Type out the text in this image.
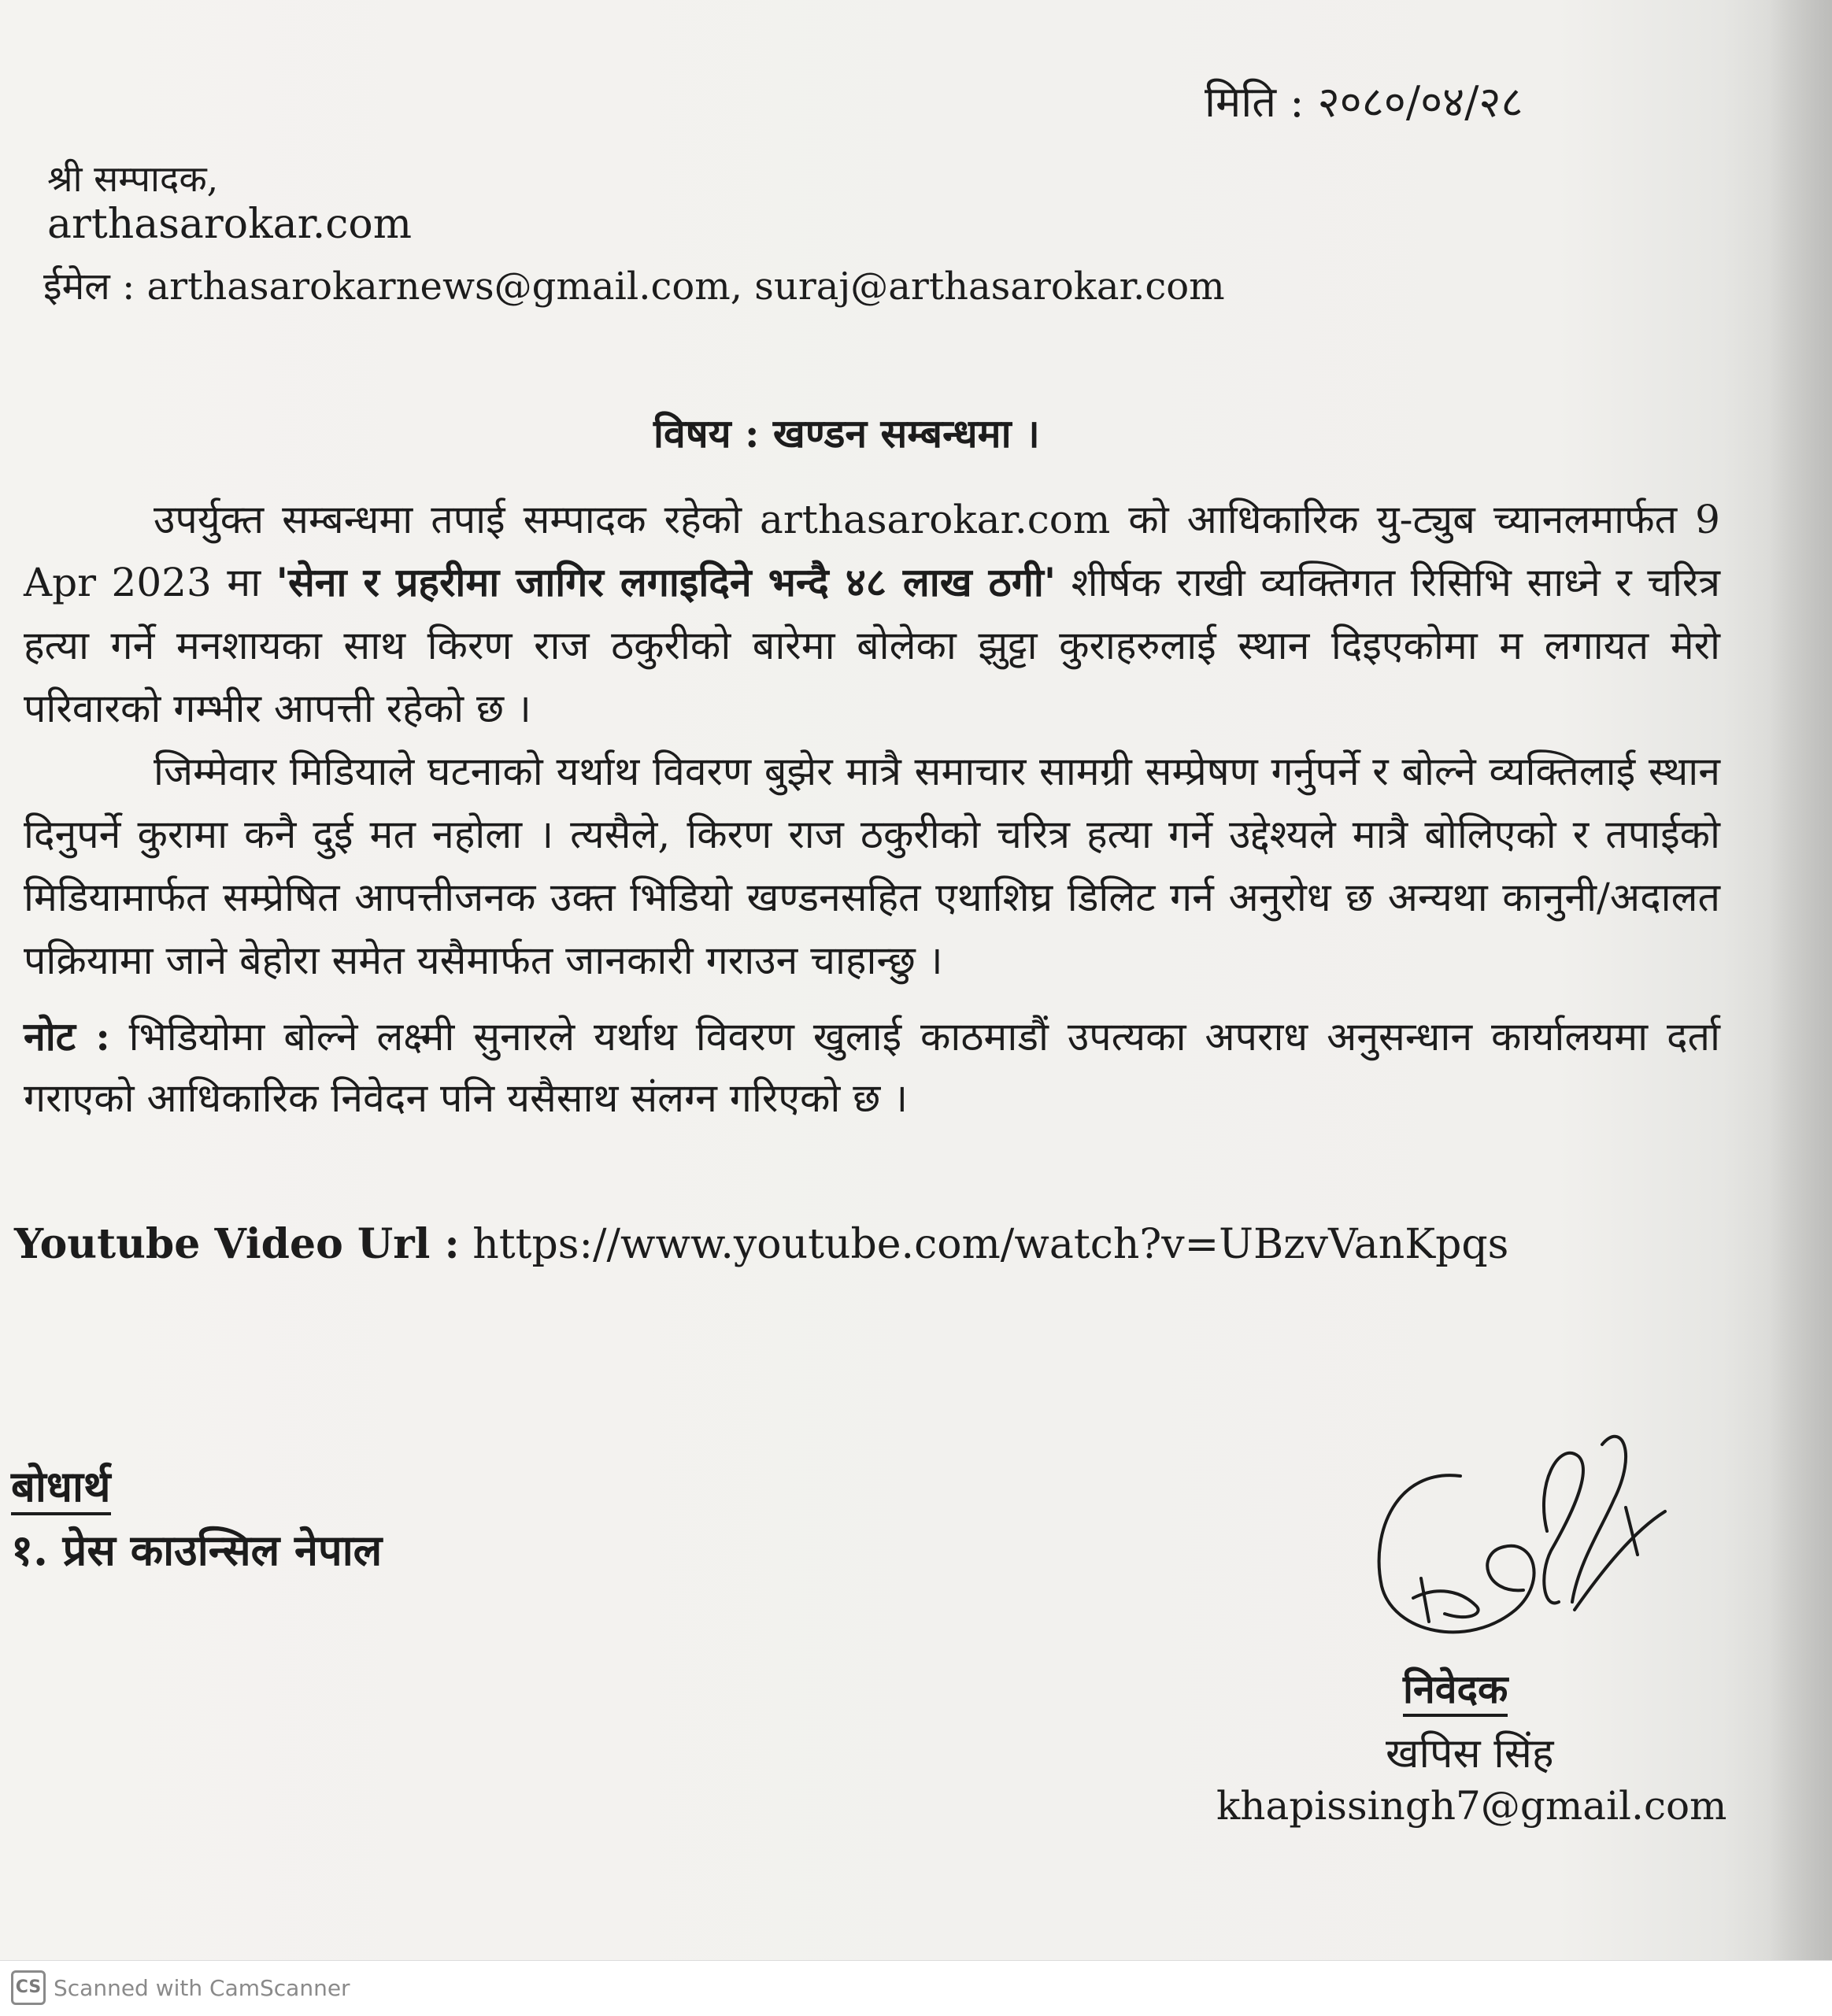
मिति : २०८०/०४/२८
श्री सम्पादक,
arthasarokar.com
ईमेल : arthasarokarnews@gmail.com, suraj@arthasarokar.com
विषय : खण्डन सम्बन्धमा ।

उपर्युक्त सम्बन्धमा तपाई सम्पादक रहेको arthasarokar.com को आधिकारिक यु-ट्युब च्यानलमार्फत 9 Apr 2023 मा 'सेना र प्रहरीमा जागिर लगाइदिने भन्दै ४८ लाख ठगी' शीर्षक राखी व्यक्तिगत रिसिभि साध्ने र चरित्र हत्या गर्ने मनशायका साथ किरण राज ठकुरीको बारेमा बोलेका झुट्टा कुराहरुलाई स्थान दिइएकोमा म लगायत मेरो परिवारको गम्भीर आपत्ती रहेको छ ।

जिम्मेवार मिडियाले घटनाको यर्थाथ विवरण बुझेर मात्रै समाचार सामग्री सम्प्रेषण गर्नुपर्ने र बोल्ने व्यक्तिलाई स्थान दिनुपर्ने कुरामा कनै दुई मत नहोला । त्यसैले, किरण राज ठकुरीको चरित्र हत्या गर्ने उद्देश्यले मात्रै बोलिएको र तपाईको मिडियामार्फत सम्प्रेषित आपत्तीजनक उक्त भिडियो खण्डनसहित एथाशिघ्र डिलिट गर्न अनुरोध छ अन्यथा कानुनी/अदालत पक्रियामा जाने बेहोरा समेत यसैमार्फत जानकारी गराउन चाहान्छु ।

नोट : भिडियोमा बोल्ने लक्ष्मी सुनारले यर्थाथ विवरण खुलाई काठमाडौं उपत्यका अपराध अनुसन्धान कार्यालयमा दर्ता गराएको आधिकारिक निवेदन पनि यसैसाथ संलग्न गरिएको छ ।

Youtube Video Url : https://www.youtube.com/watch?v=UBzvVanKpqs
बोधार्थ
१. प्रेस काउन्सिल नेपाल
निवेदक
खपिस सिंह
khapissingh7@gmail.com
CS Scanned with CamScanner
